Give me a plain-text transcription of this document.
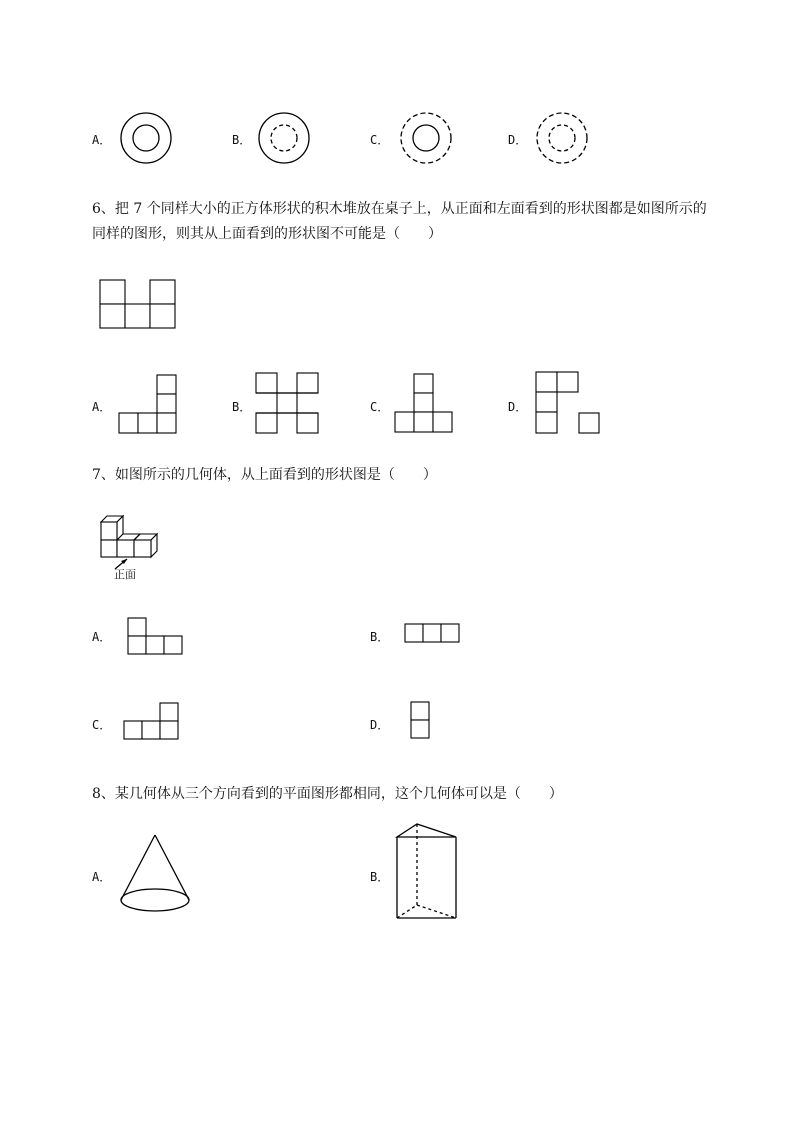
A．	B．	C．	D．
6、把 7 个同样大小的正方体形状的积木堆放在桌子上，从正面和左面看到的形状图都是如图所示的
同样的图形，则其从上面看到的形状图不可能是（　　）
A．	B．	C．	D．
7、如图所示的几何体，从上面看到的形状图是（　　）
正面
A．	B．
C．	D．
8、某几何体从三个方向看到的平面图形都相同，这个几何体可以是（　　）
A．	B．
